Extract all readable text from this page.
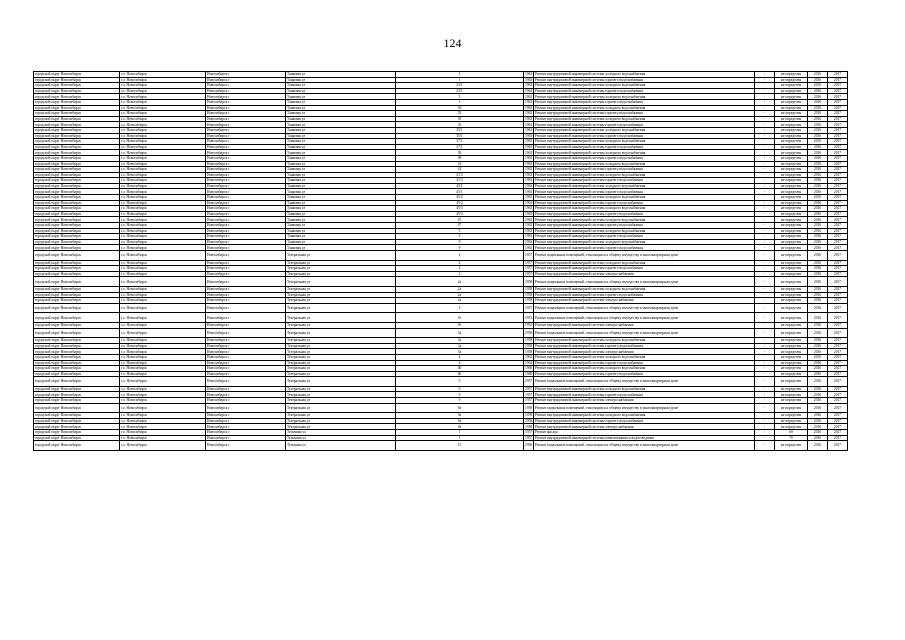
124
городской округ Новосибирск	г.о. Новосибирск	Новосибирск г	Танковая ул	1	1963	Ремонт внутридомовой инженерной системы холодного водоснабжения	-	не определен	2016	2017
городской округ Новосибирск	г.о. Новосибирск	Новосибирск г	Танковая ул	1	1963	Ремонт внутридомовой инженерной системы горячего водоснабжения	-	не определен	2016	2017
городской округ Новосибирск	г.о. Новосибирск	Новосибирск г	Танковая ул	23/1	1962	Ремонт внутридомовой инженерной системы холодного водоснабжения	-	не определен	2016	2017
городской округ Новосибирск	г.о. Новосибирск	Новосибирск г	Танковая ул	23/1	1962	Ремонт внутридомовой инженерной системы горячего водоснабжения	-	не определен	2016	2017
городской округ Новосибирск	г.о. Новосибирск	Новосибирск г	Танковая ул	3	1962	Ремонт внутридомовой инженерной системы холодного водоснабжения	-	не определен	2016	2017
городской округ Новосибирск	г.о. Новосибирск	Новосибирск г	Танковая ул	3	1962	Ремонт внутридомовой инженерной системы горячего водоснабжения	-	не определен	2016	2017
городской округ Новосибирск	г.о. Новосибирск	Новосибирск г	Танковая ул	33	1963	Ремонт внутридомовой инженерной системы холодного водоснабжения	-	не определен	2016	2017
городской округ Новосибирск	г.о. Новосибирск	Новосибирск г	Танковая ул	33	1963	Ремонт внутридомовой инженерной системы горячего водоснабжения	-	не определен	2016	2017
городской округ Новосибирск	г.о. Новосибирск	Новосибирск г	Танковая ул	35	1963	Ремонт внутридомовой инженерной системы холодного водоснабжения	-	не определен	2016	2017
городской округ Новосибирск	г.о. Новосибирск	Новосибирск г	Танковая ул	35	1963	Ремонт внутридомовой инженерной системы горячего водоснабжения	-	не определен	2016	2017
городской округ Новосибирск	г.о. Новосибирск	Новосибирск г	Танковая ул	35/1	1963	Ремонт внутридомовой инженерной системы холодного водоснабжения	-	не определен	2016	2017
городской округ Новосибирск	г.о. Новосибирск	Новосибирск г	Танковая ул	35/1	1963	Ремонт внутридомовой инженерной системы горячего водоснабжения	-	не определен	2016	2017
городской округ Новосибирск	г.о. Новосибирск	Новосибирск г	Танковая ул	37/1	1963	Ремонт внутридомовой инженерной системы холодного водоснабжения	-	не определен	2016	2017
городской округ Новосибирск	г.о. Новосибирск	Новосибирск г	Танковая ул	37/1	1963	Ремонт внутридомовой инженерной системы горячего водоснабжения	-	не определен	2016	2017
городской округ Новосибирск	г.о. Новосибирск	Новосибирск г	Танковая ул	39	1963	Ремонт внутридомовой инженерной системы холодного водоснабжения	-	не определен	2016	2017
городской округ Новосибирск	г.о. Новосибирск	Новосибирск г	Танковая ул	39	1963	Ремонт внутридомовой инженерной системы горячего водоснабжения	-	не определен	2016	2017
городской округ Новосибирск	г.о. Новосибирск	Новосибирск г	Танковая ул	41	1963	Ремонт внутридомовой инженерной системы холодного водоснабжения	-	не определен	2016	2017
городской округ Новосибирск	г.о. Новосибирск	Новосибирск г	Танковая ул	41	1963	Ремонт внутридомовой инженерной системы горячего водоснабжения	-	не определен	2016	2017
городской округ Новосибирск	г.о. Новосибирск	Новосибирск г	Танковая ул	41/3	1963	Ремонт внутридомовой инженерной системы холодного водоснабжения	-	не определен	2016	2017
городской округ Новосибирск	г.о. Новосибирск	Новосибирск г	Танковая ул	41/3	1963	Ремонт внутридомовой инженерной системы горячего водоснабжения	-	не определен	2016	2017
городской округ Новосибирск	г.о. Новосибирск	Новосибирск г	Танковая ул	45/1	1963	Ремонт внутридомовой инженерной системы холодного водоснабжения	-	не определен	2016	2017
городской округ Новосибирск	г.о. Новосибирск	Новосибирск г	Танковая ул	45/1	1963	Ремонт внутридомовой инженерной системы горячего водоснабжения	-	не определен	2016	2017
городской округ Новосибирск	г.о. Новосибирск	Новосибирск г	Танковая ул	45/2	1963	Ремонт внутридомовой инженерной системы холодного водоснабжения	-	не определен	2016	2017
городской округ Новосибирск	г.о. Новосибирск	Новосибирск г	Танковая ул	45/2	1963	Ремонт внутридомовой инженерной системы горячего водоснабжения	-	не определен	2016	2017
городской округ Новосибирск	г.о. Новосибирск	Новосибирск г	Танковая ул	45/3	1963	Ремонт внутридомовой инженерной системы холодного водоснабжения	-	не определен	2016	2017
городской округ Новосибирск	г.о. Новосибирск	Новосибирск г	Танковая ул	45/3	1963	Ремонт внутридомовой инженерной системы горячего водоснабжения	-	не определен	2016	2017
городской округ Новосибирск	г.о. Новосибирск	Новосибирск г	Танковая ул	47	1963	Ремонт внутридомовой инженерной системы холодного водоснабжения	-	не определен	2016	2017
городской округ Новосибирск	г.о. Новосибирск	Новосибирск г	Танковая ул	47	1963	Ремонт внутридомовой инженерной системы горячего водоснабжения	-	не определен	2016	2017
городской округ Новосибирск	г.о. Новосибирск	Новосибирск г	Танковая ул	5	1963	Ремонт внутридомовой инженерной системы холодного водоснабжения	-	не определен	2016	2017
городской округ Новосибирск	г.о. Новосибирск	Новосибирск г	Танковая ул	5	1963	Ремонт внутридомовой инженерной системы горячего водоснабжения	-	не определен	2016	2017
городской округ Новосибирск	г.о. Новосибирск	Новосибирск г	Танковая ул	9	1963	Ремонт внутридомовой инженерной системы холодного водоснабжения	-	не определен	2016	2017
городской округ Новосибирск	г.о. Новосибирск	Новосибирск г	Танковая ул	9	1963	Ремонт внутридомовой инженерной системы горячего водоснабжения	-	не определен	2016	2017
городской округ Новосибирск	г.о. Новосибирск	Новосибирск г	Театральная ул	2	1957	Ремонт подвальных помещений, относящихся к общему имуществу в многоквартирном доме	-	не определен	2016	2017
городской округ Новосибирск	г.о. Новосибирск	Новосибирск г	Театральная ул	2	1957	Ремонт внутридомовой инженерной системы холодного водоснабжения	-	не определен	2016	2017
городской округ Новосибирск	г.о. Новосибирск	Новосибирск г	Театральная ул	2	1957	Ремонт внутридомовой инженерной системы горячего водоснабжения	-	не определен	2016	2017
городской округ Новосибирск	г.о. Новосибирск	Новосибирск г	Театральная ул	2	1957	Ремонт внутридомовой инженерной системы электроснабжения	-	не определен	2016	2017
городской округ Новосибирск	г.о. Новосибирск	Новосибирск г	Театральная ул	2а	1958	Ремонт подвальных помещений, относящихся к общему имуществу в многоквартирном доме	-	не определен	2016	2017
городской округ Новосибирск	г.о. Новосибирск	Новосибирск г	Театральная ул	2а	1958	Ремонт внутридомовой инженерной системы холодного водоснабжения	-	не определен	2016	2017
городской округ Новосибирск	г.о. Новосибирск	Новосибирск г	Театральная ул	2а	1958	Ремонт внутридомовой инженерной системы горячего водоснабжения	-	не определен	2016	2017
городской округ Новосибирск	г.о. Новосибирск	Новосибирск г	Театральная ул	2а	1958	Ремонт внутридомовой инженерной системы электроснабжения	-	не определен	2016	2017
городской округ Новосибирск	г.о. Новосибирск	Новосибирск г	Театральная ул	3	1957	Ремонт подвальных помещений, относящихся к общему имуществу в многоквартирном доме	-	не определен	2016	2017
городской округ Новосибирск	г.о. Новосибирск	Новосибирск г	Театральная ул	3б	1953	Ремонт подвальных помещений, относящихся к общему имуществу в многоквартирном доме	-	не определен	2016	2017
городской округ Новосибирск	г.о. Новосибирск	Новосибирск г	Театральная ул	3б	1953	Ремонт внутридомовой инженерной системы электроснабжения	-	не определен	2016	2017
городской округ Новосибирск	г.о. Новосибирск	Новосибирск г	Театральная ул	3а	1958	Ремонт подвальных помещений, относящихся к общему имуществу в многоквартирном доме	-	не определен	2016	2017
городской округ Новосибирск	г.о. Новосибирск	Новосибирск г	Театральная ул	3а	1958	Ремонт внутридомовой инженерной системы холодного водоснабжения	-	не определен	2016	2017
городской округ Новосибирск	г.о. Новосибирск	Новосибирск г	Театральная ул	3а	1958	Ремонт внутридомовой инженерной системы горячего водоснабжения	-	не определен	2016	2017
городской округ Новосибирск	г.о. Новосибирск	Новосибирск г	Театральная ул	3а	1958	Ремонт внутридомовой инженерной системы электроснабжения	-	не определен	2016	2017
городской округ Новосибирск	г.о. Новосибирск	Новосибирск г	Театральная ул	4	1962	Ремонт внутридомовой инженерной системы холодного водоснабжения	-	не определен	2016	2017
городской округ Новосибирск	г.о. Новосибирск	Новосибирск г	Театральная ул	4	1962	Ремонт внутридомовой инженерной системы горячего водоснабжения	-	не определен	2016	2017
городской округ Новосибирск	г.о. Новосибирск	Новосибирск г	Театральная ул	40	1960	Ремонт внутридомовой инженерной системы холодного водоснабжения	-	не определен	2016	2017
городской округ Новосибирск	г.о. Новосибирск	Новосибирск г	Театральная ул	40	1960	Ремонт внутридомовой инженерной системы горячего водоснабжения	-	не определен	2016	2017
городской округ Новосибирск	г.о. Новосибирск	Новосибирск г	Театральная ул	9	1957	Ремонт подвальных помещений, относящихся к общему имуществу в многоквартирном доме	-	не определен	2016	2017
городской округ Новосибирск	г.о. Новосибирск	Новосибирск г	Театральная ул	9	1957	Ремонт внутридомовой инженерной системы холодного водоснабжения	-	не определен	2016	2017
городской округ Новосибирск	г.о. Новосибирск	Новосибирск г	Театральная ул	9	1957	Ремонт внутридомовой инженерной системы горячего водоснабжения	-	не определен	2016	2017
городской округ Новосибирск	г.о. Новосибирск	Новосибирск г	Театральная ул	9	1957	Ремонт внутридомовой инженерной системы электроснабжения	-	не определен	2016	2017
городской округ Новосибирск	г.о. Новосибирск	Новосибирск г	Театральная ул	9а	1958	Ремонт подвальных помещений, относящихся к общему имуществу в многоквартирном доме	-	не определен	2016	2017
городской округ Новосибирск	г.о. Новосибирск	Новосибирск г	Театральная ул	9а	1958	Ремонт внутридомовой инженерной системы холодного водоснабжения	-	не определен	2016	2017
городской округ Новосибирск	г.о. Новосибирск	Новосибирск г	Театральная ул	9а	1958	Ремонт внутридомовой инженерной системы горячего водоснабжения	-	не определен	2016	2017
городской округ Новосибирск	г.о. Новосибирск	Новосибирск г	Театральная ул	9а	1958	Ремонт внутридомовой инженерной системы электроснабжения	-	не определен	2016	2017
городской округ Новосибирск	г.о. Новосибирск	Новосибирск г	Тельмана ул	1	1957	Ремонт фасада	-	60	2016	2017
городской округ Новосибирск	г.о. Новосибирск	Новосибирск г	Тельмана ул	1	1957	Ремонт внутридомовой инженерной системы канализования и водоотведения	-	70	2016	2017
городской округ Новосибирск	г.о. Новосибирск	Новосибирск г	Тельмана ул	15	1956	Ремонт подвальных помещений, относящихся к общему имуществу в многоквартирном доме	-	не определен	2016	2017
